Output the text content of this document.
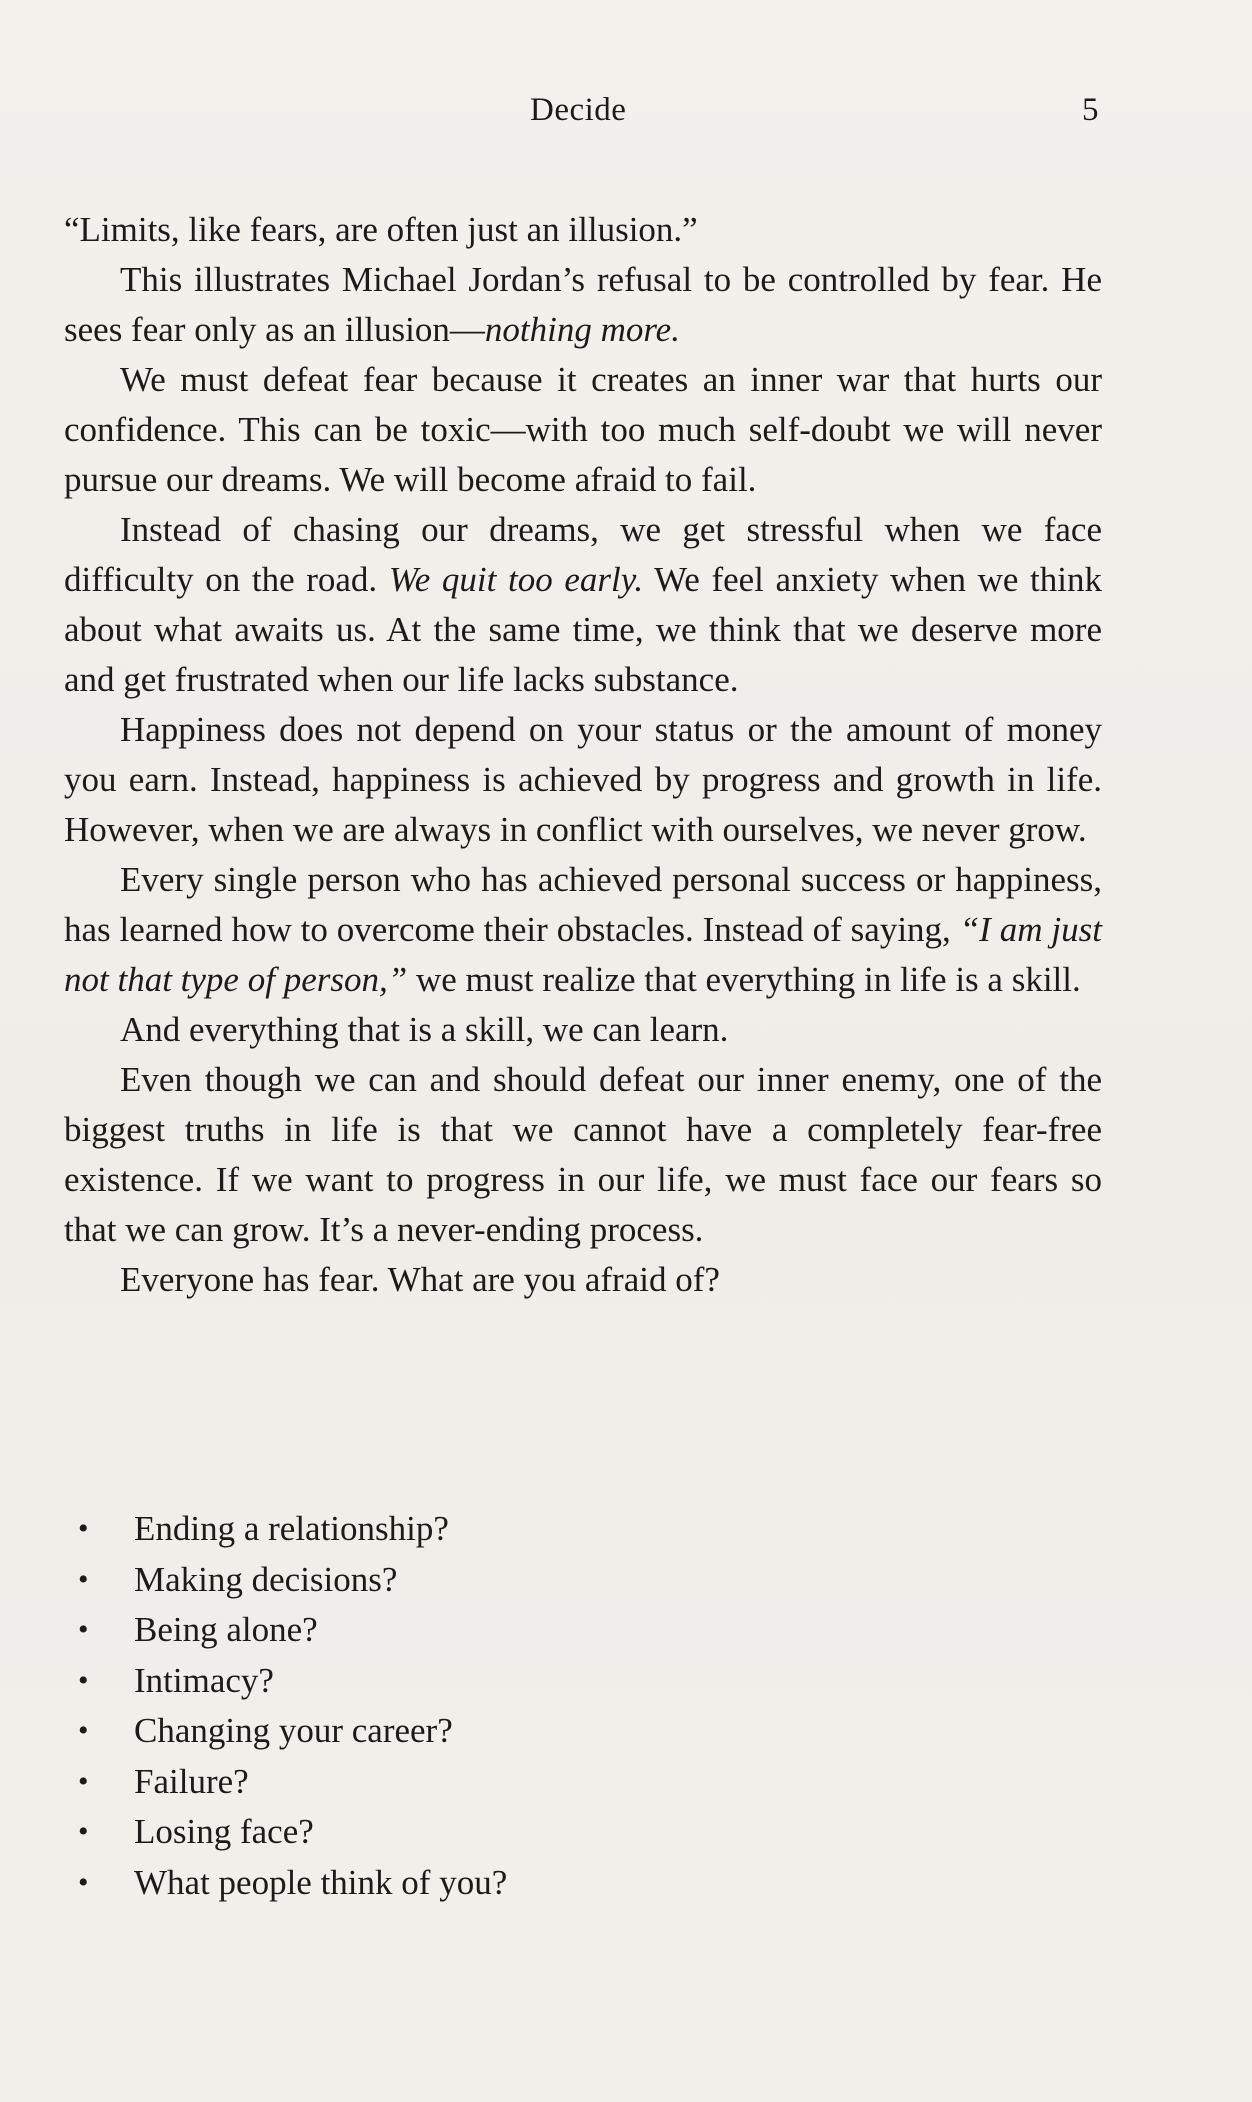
Decide	5

“Limits, like fears, are often just an illusion.”

This illustrates Michael Jordan’s refusal to be controlled by fear. He sees fear only as an illusion—nothing more.

We must defeat fear because it creates an inner war that hurts our confidence. This can be toxic—with too much self-doubt we will never pursue our dreams. We will become afraid to fail.

Instead of chasing our dreams, we get stressful when we face difficulty on the road. We quit too early. We feel anxiety when we think about what awaits us. At the same time, we think that we deserve more and get frustrated when our life lacks substance.

Happiness does not depend on your status or the amount of money you earn. Instead, happiness is achieved by progress and growth in life. However, when we are always in conflict with ourselves, we never grow.

Every single person who has achieved personal success or happiness, has learned how to overcome their obstacles. Instead of saying, “I am just not that type of person,” we must realize that everything in life is a skill.

And everything that is a skill, we can learn.

Even though we can and should defeat our inner enemy, one of the biggest truths in life is that we cannot have a completely fear-free existence. If we want to progress in our life, we must face our fears so that we can grow. It’s a never-ending process.

Everyone has fear. What are you afraid of?

• Ending a relationship?
• Making decisions?
• Being alone?
• Intimacy?
• Changing your career?
• Failure?
• Losing face?
• What people think of you?
